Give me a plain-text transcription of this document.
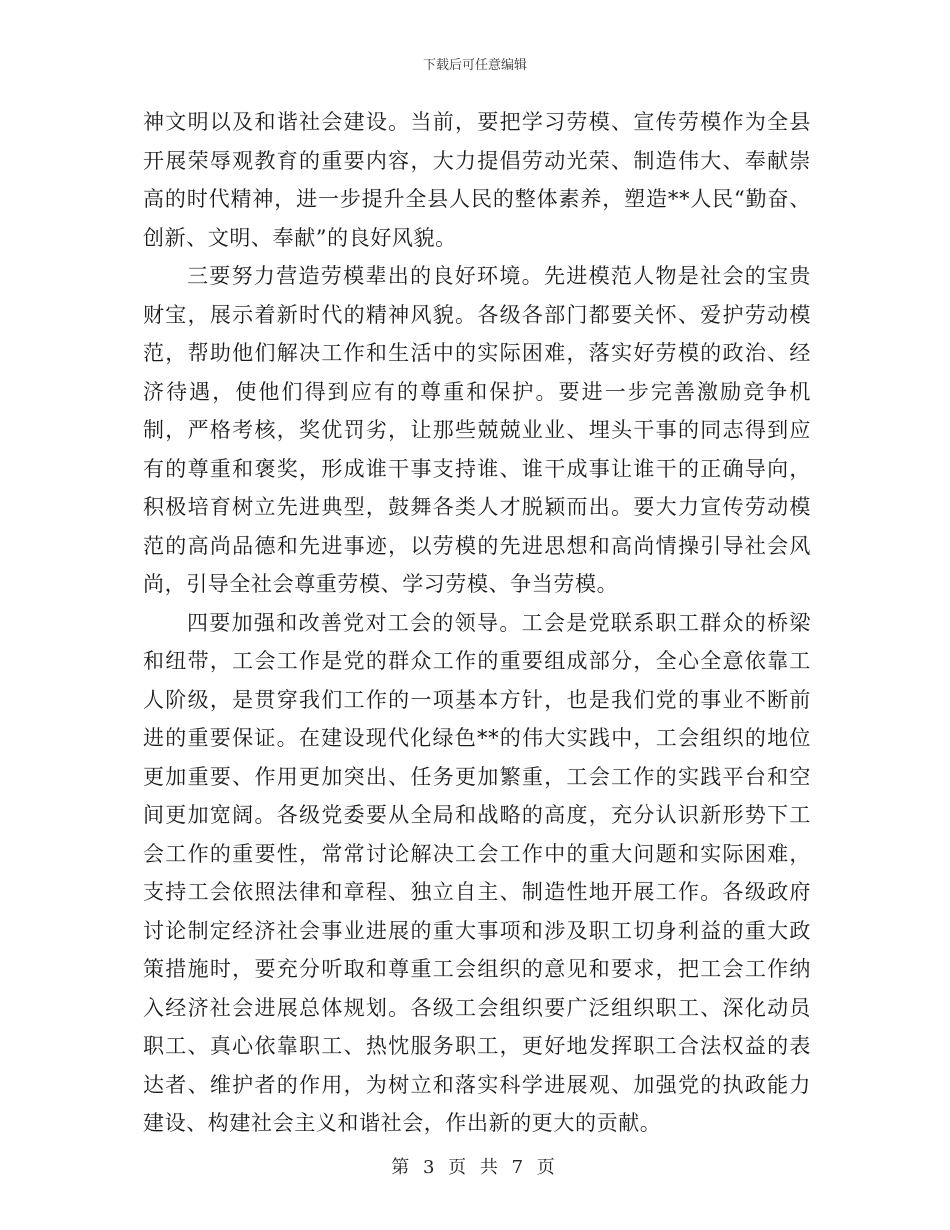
下载后可任意编辑

神文明以及和谐社会建设。当前，要把学习劳模、宣传劳模作为全县开展荣辱观教育的重要内容，大力提倡劳动光荣、制造伟大、奉献崇高的时代精神，进一步提升全县人民的整体素养，塑造**人民“勤奋、创新、文明、奉献”的良好风貌。

三要努力营造劳模辈出的良好环境。先进模范人物是社会的宝贵财宝，展示着新时代的精神风貌。各级各部门都要关怀、爱护劳动模范，帮助他们解决工作和生活中的实际困难，落实好劳模的政治、经济待遇，使他们得到应有的尊重和保护。要进一步完善激励竞争机制，严格考核，奖优罚劣，让那些兢兢业业、埋头干事的同志得到应有的尊重和褒奖，形成谁干事支持谁、谁干成事让谁干的正确导向，积极培育树立先进典型，鼓舞各类人才脱颖而出。要大力宣传劳动模范的高尚品德和先进事迹，以劳模的先进思想和高尚情操引导社会风尚，引导全社会尊重劳模、学习劳模、争当劳模。

四要加强和改善党对工会的领导。工会是党联系职工群众的桥梁和纽带，工会工作是党的群众工作的重要组成部分，全心全意依靠工人阶级，是贯穿我们工作的一项基本方针，也是我们党的事业不断前进的重要保证。在建设现代化绿色**的伟大实践中，工会组织的地位更加重要、作用更加突出、任务更加繁重，工会工作的实践平台和空间更加宽阔。各级党委要从全局和战略的高度，充分认识新形势下工会工作的重要性，常常讨论解决工会工作中的重大问题和实际困难，支持工会依照法律和章程、独立自主、制造性地开展工作。各级政府讨论制定经济社会事业进展的重大事项和涉及职工切身利益的重大政策措施时，要充分听取和尊重工会组织的意见和要求，把工会工作纳入经济社会进展总体规划。各级工会组织要广泛组织职工、深化动员职工、真心依靠职工、热忱服务职工，更好地发挥职工合法权益的表达者、维护者的作用，为树立和落实科学进展观、加强党的执政能力建设、构建社会主义和谐社会，作出新的更大的贡献。

第 3 页 共 7 页
